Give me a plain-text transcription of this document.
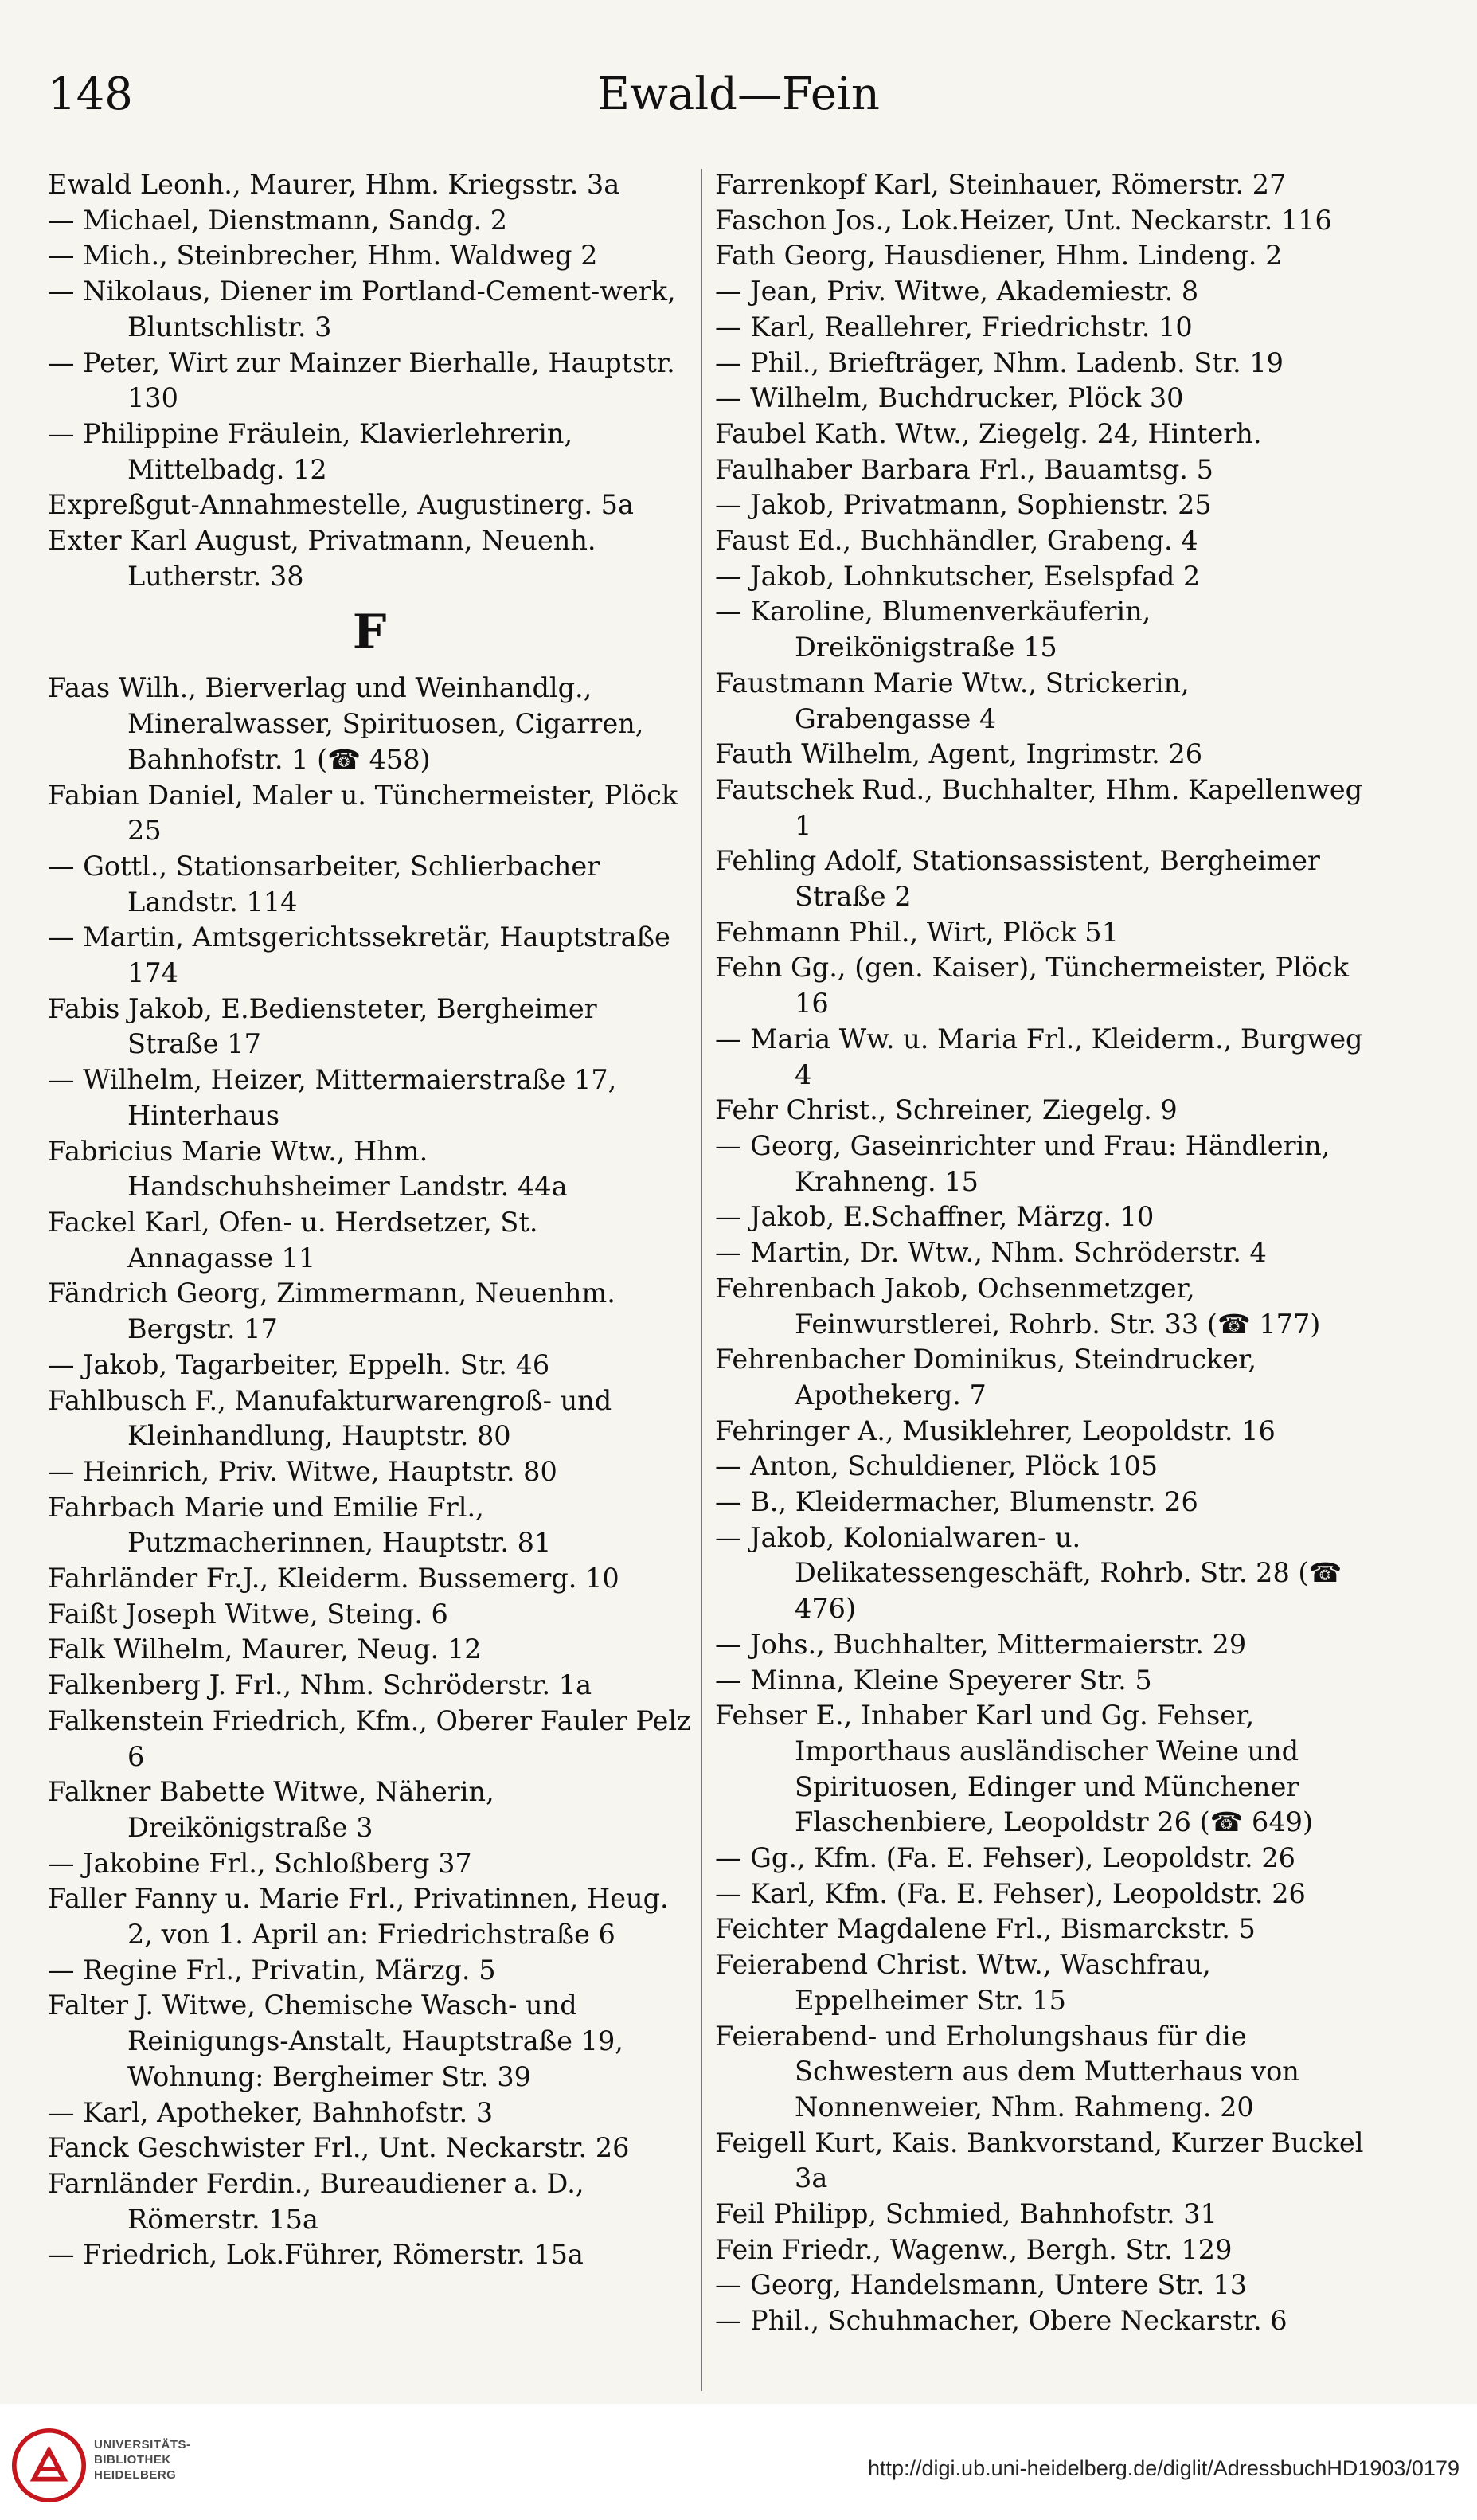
148	Ewald—Fein

Ewald Leonh., Maurer, Hhm. Kriegsstr. 3a

— Michael, Dienstmann, Sandg. 2

— Mich., Steinbrecher, Hhm. Waldweg 2

— Nikolaus, Diener im Portland-Cement-werk, Bluntschlistr. 3

— Peter, Wirt zur Mainzer Bierhalle, Hauptstr. 130

— Philippine Fräulein, Klavierlehrerin, Mittelbadg. 12

Expreßgut-Annahmestelle, Augustinerg. 5a

Exter Karl August, Privatmann, Neuenh. Lutherstr. 38

F

Faas Wilh., Bierverlag und Weinhandlg., Mineralwasser, Spirituosen, Cigarren, Bahnhofstr. 1 (☎ 458)

Fabian Daniel, Maler u. Tünchermeister, Plöck 25

— Gottl., Stationsarbeiter, Schlierbacher Landstr. 114

— Martin, Amtsgerichtssekretär, Hauptstraße 174

Fabis Jakob, E.Bediensteter, Bergheimer Straße 17

— Wilhelm, Heizer, Mittermaierstraße 17, Hinterhaus

Fabricius Marie Wtw., Hhm. Handschuhsheimer Landstr. 44a

Fackel Karl, Ofen- u. Herdsetzer, St. Annagasse 11

Fändrich Georg, Zimmermann, Neuenhm. Bergstr. 17

— Jakob, Tagarbeiter, Eppelh. Str. 46

Fahlbusch F., Manufakturwarengroß- und Kleinhandlung, Hauptstr. 80

— Heinrich, Priv. Witwe, Hauptstr. 80

Fahrbach Marie und Emilie Frl., Putzmacherinnen, Hauptstr. 81

Fahrländer Fr.J., Kleiderm. Bussemerg. 10

Faißt Joseph Witwe, Steing. 6

Falk Wilhelm, Maurer, Neug. 12

Falkenberg J. Frl., Nhm. Schröderstr. 1a

Falkenstein Friedrich, Kfm., Oberer Fauler Pelz 6

Falkner Babette Witwe, Näherin, Dreikönigstraße 3

— Jakobine Frl., Schloßberg 37

Faller Fanny u. Marie Frl., Privatinnen, Heug. 2, von 1. April an: Friedrichstraße 6

— Regine Frl., Privatin, Märzg. 5

Falter J. Witwe, Chemische Wasch- und Reinigungs-Anstalt, Hauptstraße 19, Wohnung: Bergheimer Str. 39

— Karl, Apotheker, Bahnhofstr. 3

Fanck Geschwister Frl., Unt. Neckarstr. 26

Farnländer Ferdin., Bureaudiener a. D., Römerstr. 15a

— Friedrich, Lok.Führer, Römerstr. 15a

Farrenkopf Karl, Steinhauer, Römerstr. 27

Faschon Jos., Lok.Heizer, Unt. Neckarstr. 116

Fath Georg, Hausdiener, Hhm. Lindeng. 2

— Jean, Priv. Witwe, Akademiestr. 8

— Karl, Reallehrer, Friedrichstr. 10

— Phil., Briefträger, Nhm. Ladenb. Str. 19

— Wilhelm, Buchdrucker, Plöck 30

Faubel Kath. Wtw., Ziegelg. 24, Hinterh.

Faulhaber Barbara Frl., Bauamtsg. 5

— Jakob, Privatmann, Sophienstr. 25

Faust Ed., Buchhändler, Grabeng. 4

— Jakob, Lohnkutscher, Eselspfad 2

— Karoline, Blumenverkäuferin, Dreikönigstraße 15

Faustmann Marie Wtw., Strickerin, Grabengasse 4

Fauth Wilhelm, Agent, Ingrimstr. 26

Fautschek Rud., Buchhalter, Hhm. Kapellenweg 1

Fehling Adolf, Stationsassistent, Bergheimer Straße 2

Fehmann Phil., Wirt, Plöck 51

Fehn Gg., (gen. Kaiser), Tünchermeister, Plöck 16

— Maria Ww. u. Maria Frl., Kleiderm., Burgweg 4

Fehr Christ., Schreiner, Ziegelg. 9

— Georg, Gaseinrichter und Frau: Händlerin, Krahneng. 15

— Jakob, E.Schaffner, Märzg. 10

— Martin, Dr. Wtw., Nhm. Schröderstr. 4

Fehrenbach Jakob, Ochsenmetzger, Feinwurstlerei, Rohrb. Str. 33 (☎ 177)

Fehrenbacher Dominikus, Steindrucker, Apothekerg. 7

Fehringer A., Musiklehrer, Leopoldstr. 16

— Anton, Schuldiener, Plöck 105

— B., Kleidermacher, Blumenstr. 26

— Jakob, Kolonialwaren- u. Delikatessengeschäft, Rohrb. Str. 28 (☎ 476)

— Johs., Buchhalter, Mittermaierstr. 29

— Minna, Kleine Speyerer Str. 5

Fehser E., Inhaber Karl und Gg. Fehser, Importhaus ausländischer Weine und Spirituosen, Edinger und Münchener Flaschenbiere, Leopoldstr 26 (☎ 649)

— Gg., Kfm. (Fa. E. Fehser), Leopoldstr. 26

— Karl, Kfm. (Fa. E. Fehser), Leopoldstr. 26

Feichter Magdalene Frl., Bismarckstr. 5

Feierabend Christ. Wtw., Waschfrau, Eppelheimer Str. 15

Feierabend- und Erholungshaus für die Schwestern aus dem Mutterhaus von Nonnenweier, Nhm. Rahmeng. 20

Feigell Kurt, Kais. Bankvorstand, Kurzer Buckel 3a

Feil Philipp, Schmied, Bahnhofstr. 31

Fein Friedr., Wagenw., Bergh. Str. 129

— Georg, Handelsmann, Untere Str. 13

— Phil., Schuhmacher, Obere Neckarstr. 6

UNIVERSITÄTS-
BIBLIOTHEK
HEIDELBERG	http://digi.ub.uni-heidelberg.de/diglit/AdressbuchHD1903/0179
